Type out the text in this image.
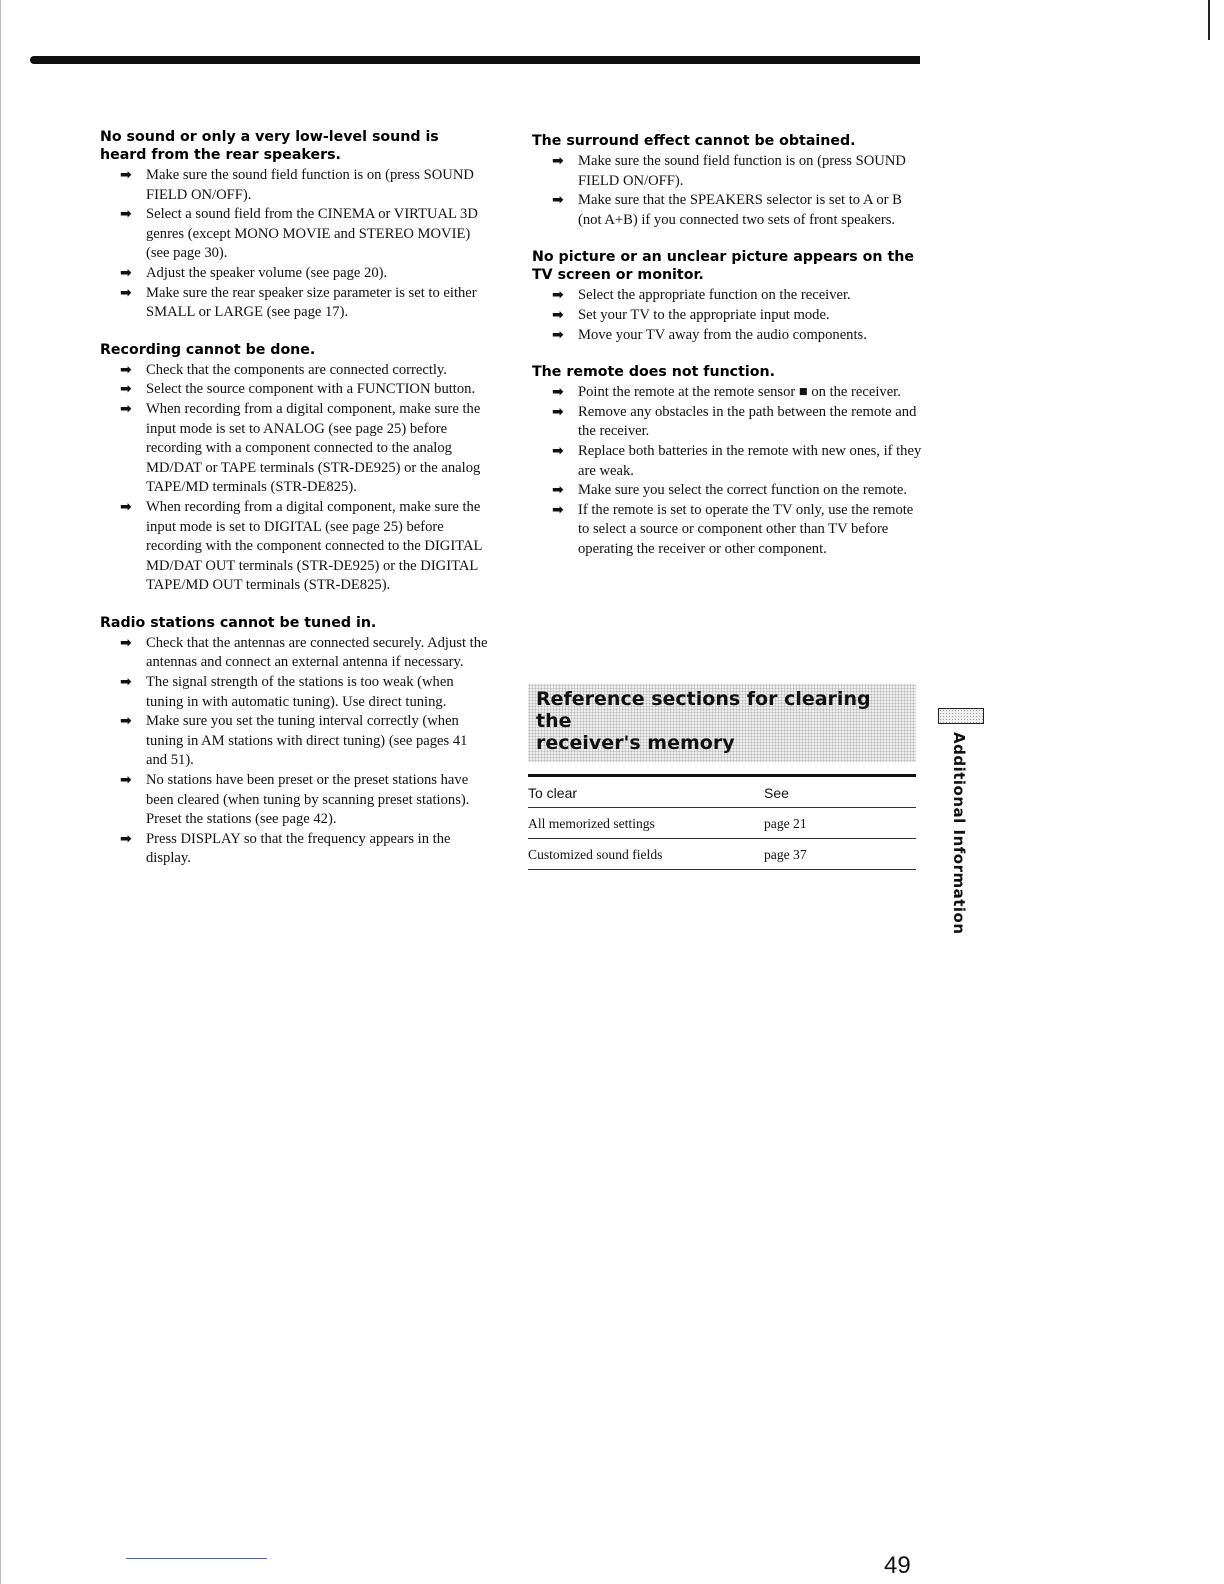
No sound or only a very low-level sound is heard from the rear speakers.
➡ Make sure the sound field function is on (press SOUND FIELD ON/OFF).
➡ Select a sound field from the CINEMA or VIRTUAL 3D genres (except MONO MOVIE and STEREO MOVIE) (see page 30).
➡ Adjust the speaker volume (see page 20).
➡ Make sure the rear speaker size parameter is set to either SMALL or LARGE (see page 17).
Recording cannot be done.
➡ Check that the components are connected correctly.
➡ Select the source component with a FUNCTION button.
➡ When recording from a digital component, make sure the input mode is set to ANALOG (see page 25) before recording with a component connected to the analog MD/DAT or TAPE terminals (STR-DE925) or the analog TAPE/MD terminals (STR-DE825).
➡ When recording from a digital component, make sure the input mode is set to DIGITAL (see page 25) before recording with the component connected to the DIGITAL MD/DAT OUT terminals (STR-DE925) or the DIGITAL TAPE/MD OUT terminals (STR-DE825).
Radio stations cannot be tuned in.
➡ Check that the antennas are connected securely. Adjust the antennas and connect an external antenna if necessary.
➡ The signal strength of the stations is too weak (when tuning in with automatic tuning). Use direct tuning.
➡ Make sure you set the tuning interval correctly (when tuning in AM stations with direct tuning) (see pages 41 and 51).
➡ No stations have been preset or the preset stations have been cleared (when tuning by scanning preset stations). Preset the stations (see page 42).
➡ Press DISPLAY so that the frequency appears in the display.
The surround effect cannot be obtained.
➡ Make sure the sound field function is on (press SOUND FIELD ON/OFF).
➡ Make sure that the SPEAKERS selector is set to A or B (not A+B) if you connected two sets of front speakers.
No picture or an unclear picture appears on the TV screen or monitor.
➡ Select the appropriate function on the receiver.
➡ Set your TV to the appropriate input mode.
➡ Move your TV away from the audio components.
The remote does not function.
➡ Point the remote at the remote sensor ■ on the receiver.
➡ Remove any obstacles in the path between the remote and the receiver.
➡ Replace both batteries in the remote with new ones, if they are weak.
➡ Make sure you select the correct function on the remote.
➡ If the remote is set to operate the TV only, use the remote to select a source or component other than TV before operating the receiver or other component.
Reference sections for clearing the
receiver's memory
To clear	See
All memorized settings	page 21
Customized sound fields	page 37	Additional Information
49
